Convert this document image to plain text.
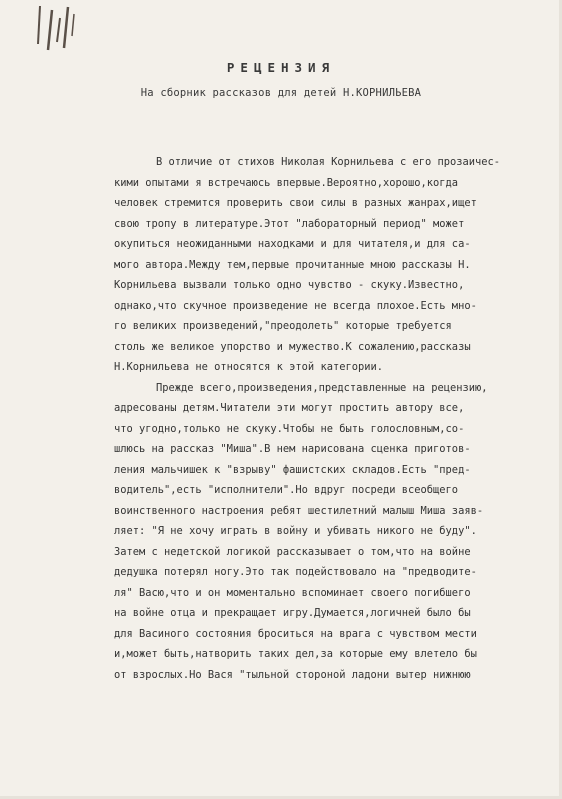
РЕЦЕНЗИЯ
На сборник рассказов для детей Н.КОРНИЛЬЕВА
В отличие от стихов Николая Корнильева с его прозаичес-
кими опытами я встречаюсь впервые.Вероятно,хорошо,когда
человек стремится проверить свои силы в разных жанрах,ищет
свою тропу в литературе.Этот "лабораторный период" может
окупиться неожиданными находками и для читателя,и для са-
мого автора.Между тем,первые прочитанные мною рассказы Н.
Корнильева вызвали только одно чувство - скуку.Известно,
однако,что скучное произведение не всегда плохое.Есть мно-
го великих произведений,"преодолеть" которые требуется
столь же великое упорство и мужество.К сожалению,рассказы
Н.Корнильева не относятся к этой категории.
Прежде всего,произведения,представленные на рецензию,
адресованы детям.Читатели эти могут простить автору все,
что угодно,только не скуку.Чтобы не быть голословным,со-
шлюсь на рассказ "Миша".В нем нарисована сценка приготов-
ления мальчишек к "взрыву" фашистских складов.Есть "пред-
водитель",есть "исполнители".Но вдруг посреди всеобщего
воинственного настроения ребят шестилетний малыш Миша заяв-
ляет: "Я не хочу играть в войну и убивать никого не буду".
Затем с недетской логикой рассказывает о том,что на войне
дедушка потерял ногу.Это так подействовало на "предводите-
ля" Васю,что и он моментально вспоминает своего погибшего
на войне отца и прекращает игру.Думается,логичней было бы
для Васиного состояния броситься на врага с чувством мести
и,может быть,натворить таких дел,за которые ему влетело бы
от взрослых.Но Вася "тыльной стороной ладони вытер нижнюю
